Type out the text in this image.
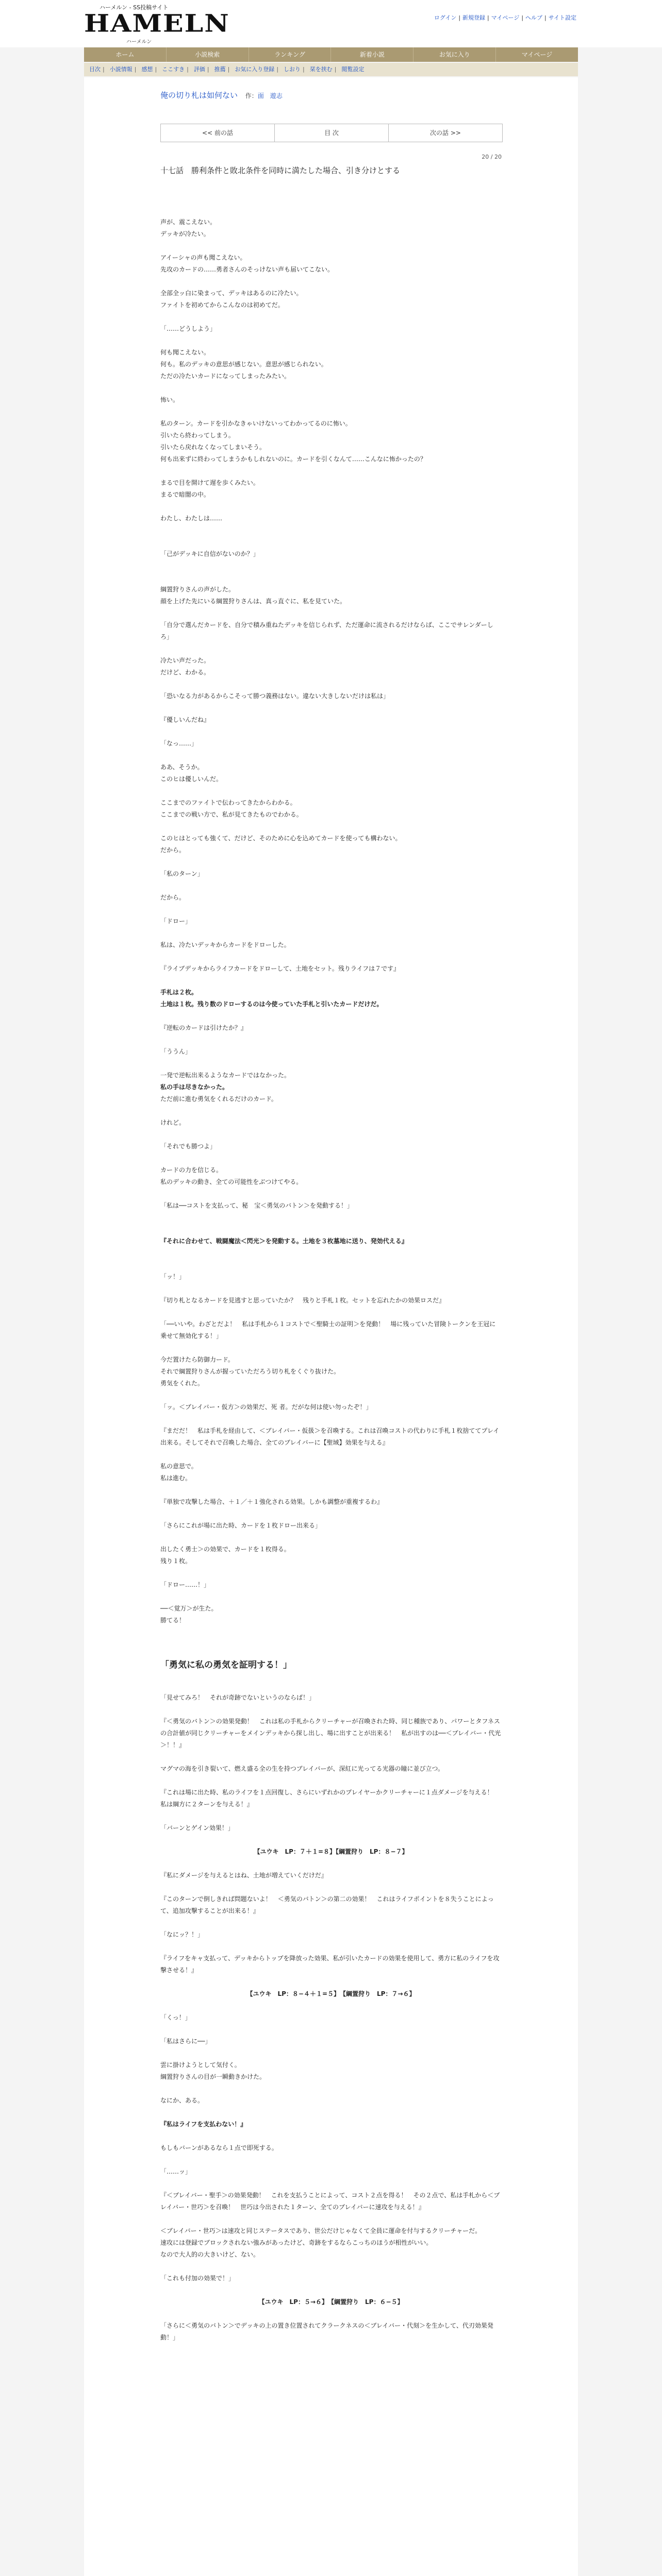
ハーメルン - SS投稿サイト
HAMELN
ハーメルン
ログイン | 新規登録 | マイページ | ヘルプ | サイト設定
ホーム	小説検索	ランキング	新着小説	お気に入り	マイページ
目次 | 小説情報 | 感想 | ここすき | 評価 | 推薦 | お気に入り登録 | しおり | 栞を挟む | 閲覧設定
俺の切り札は如何ない 作：面　遊志
<< 前の話	目 次	次の話 >>
20 / 20
十七話　勝利条件と敗北条件を同時に満たした場合、引き分けとする

声が、震こえない。

デッキが冷たい。

アイーシャの声も聞こえない。

先攻のカードの……勇者さんのそっけない声も届いてこない。

全部全ッ白に染まって、デッキはあるのに冷たい。

ファイトを初めてからこんなのは初めてだ。

「……どうしよう」

何も聞こえない。

何も。私のデッキの意思が感じない。意思が感じられない。

ただの冷たいカードになってしまったみたい。

怖い。

私のターン。カードを引かなきゃいけないってわかってるのに怖い。

引いたら終わってしまう。

引いたら戻れなくなってしまいそう。

何も出来ずに終わってしまうかもしれないのに。カードを引くなんて……こんなに怖かったの？

まるで目を開けて遅を歩くみたい。

まるで暗闇の中。

わたし、わたしは……

「己がデッキに自信がないのか？」

綱置狩りさんの声がした。

顔を上げた先にいる綱置狩りさんは、真っ直ぐに、私を見ていた。

「自分で選んだカードを、自分で積み重ねたデッキを信じられず、ただ運命に流されるだけならば、ここでサレンダーしろ」

冷たい声だった。

だけど、わかる。

「恐いなる力があるからこそって勝つ義務はない。違ない大きしないだけは私は」

『優しいんだね』

「なっ……」

ああ、そうか。

このヒは優しいんだ。

ここまでのファイトで伝わってきたからわかる。

ここまでの戦い方で、私が見てきたものでわかる。

このヒはとっても強くて、だけど、そのために心を込めてカードを使っても構わない。

だから。

「私のターン」

だから。

「ドロー」

私は、冷たいデッキからカードをドローした。

『ライブデッキからライフカードをドローして、土地をセット。残りライフは７です』

手札は２枚。

土地は１枚。残り数のドローするのは今使っていた手札と引いたカードだけだ。

『逆転のカードは引けたか？』

「ううん」

一発で逆転出来るようなカードではなかった。

私の手は尽きなかった。

ただ前に進む勇気をくれるだけのカード。

けれど。

「それでも勝つよ」

カードの力を信じる。

私のデッキの動き、全ての可能性をぶつけてやる。

「私は──コストを支払って、秘　宝＜勇気のバトン＞を発動する！」

『それに合わせて、戦闘魔法＜閃光＞を発動する。土地を３枚墓地に送り、発効代える』

「ッ！」

『切り札となるカードを見逃すと思っていたか？　残りと手札１枚。セットを忘れたかの効果ロスだ』

「──いいや。わざとだよ！　私は手札から１コストで＜聖騎士の証明＞を発動！　場に残っていた冒険トークンを王冠に乗せて無効化する！」

今だ置けたら防御力ード。

それで綱置狩りさんが握っていただろう切り札をくぐり抜けた。

勇気をくれた。

「ッ。＜ブレイバー・仮方＞の効果だ、死 者。だがな何は使い勿ったぞ！」

『まだだ！　私は手札を経由して、＜ブレイバー・仮扱＞を召喚する。これは召喚コストの代わりに手札１枚捨ててプレイ出来る。そしてそれで召喚した場合、全てのブレイバーに【聖域】効果を与える』

私の意思で。

私は進む。

『単独で攻撃した場合、＋１／＋１強化される効果。しかも調整が重複するわ』

「さらにこれが場に出た時、カードを１枚ドロー出来る」

出したく勇士＞の効果で、カードを１枚得る。

残り１枚。

「ドロー……！」

──＜覚万＞が生た。

勝てる！

「勇気に私の勇気を証明する！」

「見せてみろ！　それが奇跡でないというのならば！」

『＜勇気のバトン＞の効果発動！　これは私の手札からクリーチャーが召喚された時、同じ種族であり、パワーとタフネスの合計値が同じクリーチャーをメインデッキから探し出し、場に出すことが出来る！　私が出すのは──＜ブレイバー・代光＞！！』

マグマの海を引き裂いて、燃え盛る全の生を持つブレイバーが、深紅に光ってる光器の瞳に並び立つ。

『これは場に出た時、私のライフを１点回復し、さらにいずれかのプレイヤーかクリーチャーに１点ダメージを与える！　私は綱方に２ターンを与える！』

「バーンとゲイン効果！」

【ユウキ　LP：７＋１=８】【綱置狩り　LP：８−７】

『私にダメージを与えるとはね、土地が増えていくだけだ』

『このターンで倒しきれば問題ないよ！　＜勇気のバトン＞の第二の効果！　これはライフポイントを８失うことによって、追加攻撃することが出来る！』

「なにッ？！」

『ライフをキャ支払って、デッキからトップを降放った効果、私が引いたカードの効果を使用して、勇方に私のライフを攻撃させる！』

【ユウキ　LP：８−４＋１=５】　【綱置狩り　LP：７→６】

「くっ！」

「私はさらに──」

雲に掛けようとして気付く。

綱置狩りさんの目が一瞬動きかけた。

なにか、ある。

『私はライフを支払わない！』

もしもバーンがあるなら１点で即死する。

「……ッ」

『＜ブレイバー・聖手＞の効果発動！　これを支払うことによって、コスト２点を得る！　その２点で、私は手札から＜ブレイバー・世巧＞を召喚！　世巧は今出された１ターン、全てのブレイバーに速攻を与える！』

＜ブレイバー・世巧＞は速攻と同じステータスであり、世公だけじゃなくて全員に運命を付与するクリーチャーだ。

速攻には登録でブロックされない強みがあったけど、奇跡をするならこっちのほうが相性がいい。

なので大人的の大きいけど、ない。

「これも付加の効果で！」

【ユウキ　LP：５→６】　【綱置狩り　LP：６−５】

「さらに＜勇気のバトン＞でデッキの上の置き位置されてクラークネスの＜ブレイバー・代刻＞を生かして、代刃効果発動！」
